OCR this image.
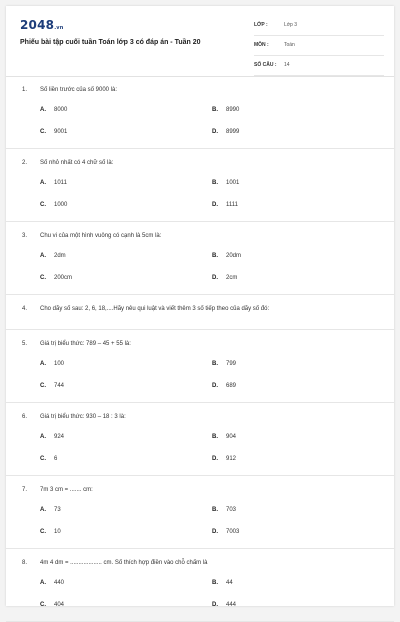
2048.vn
Phiếu bài tập cuối tuần Toán lớp 3 có đáp án - Tuần 20
LỚP :	Lớp 3
MÔN :	Toán
SỐ CÂU : 14
1. Số liền trước của số 9000 là:
A. 8000	B. 8990
C. 9001	D. 8999
2. Số nhỏ nhất có 4 chữ số là:
A. 1011	B. 1001
C. 1000	D. 1111
3. Chu vi của một hình vuông có cạnh là 5cm là:
A. 2dm	B. 20dm
C. 200cm	D. 2cm
4. Cho dãy số sau: 2, 6, 18,....Hãy nêu qui luật và viết thêm 3 số tiếp theo của dãy số đó:
5. Giá trị biểu thức: 789 – 45 + 55 là:
A. 100	B. 799
C. 744	D. 689
6. Giá trị biểu thức: 930 – 18 : 3 là:
A. 924	B. 904
C. 6	D. 912
7. 7m 3 cm = ....... cm:
A. 73	B. 703
C. 10	D. 7003
8. 4m 4 dm = ................... cm. Số thích hợp điền vào chỗ chấm là
A. 440	B. 44
C. 404	D. 444
